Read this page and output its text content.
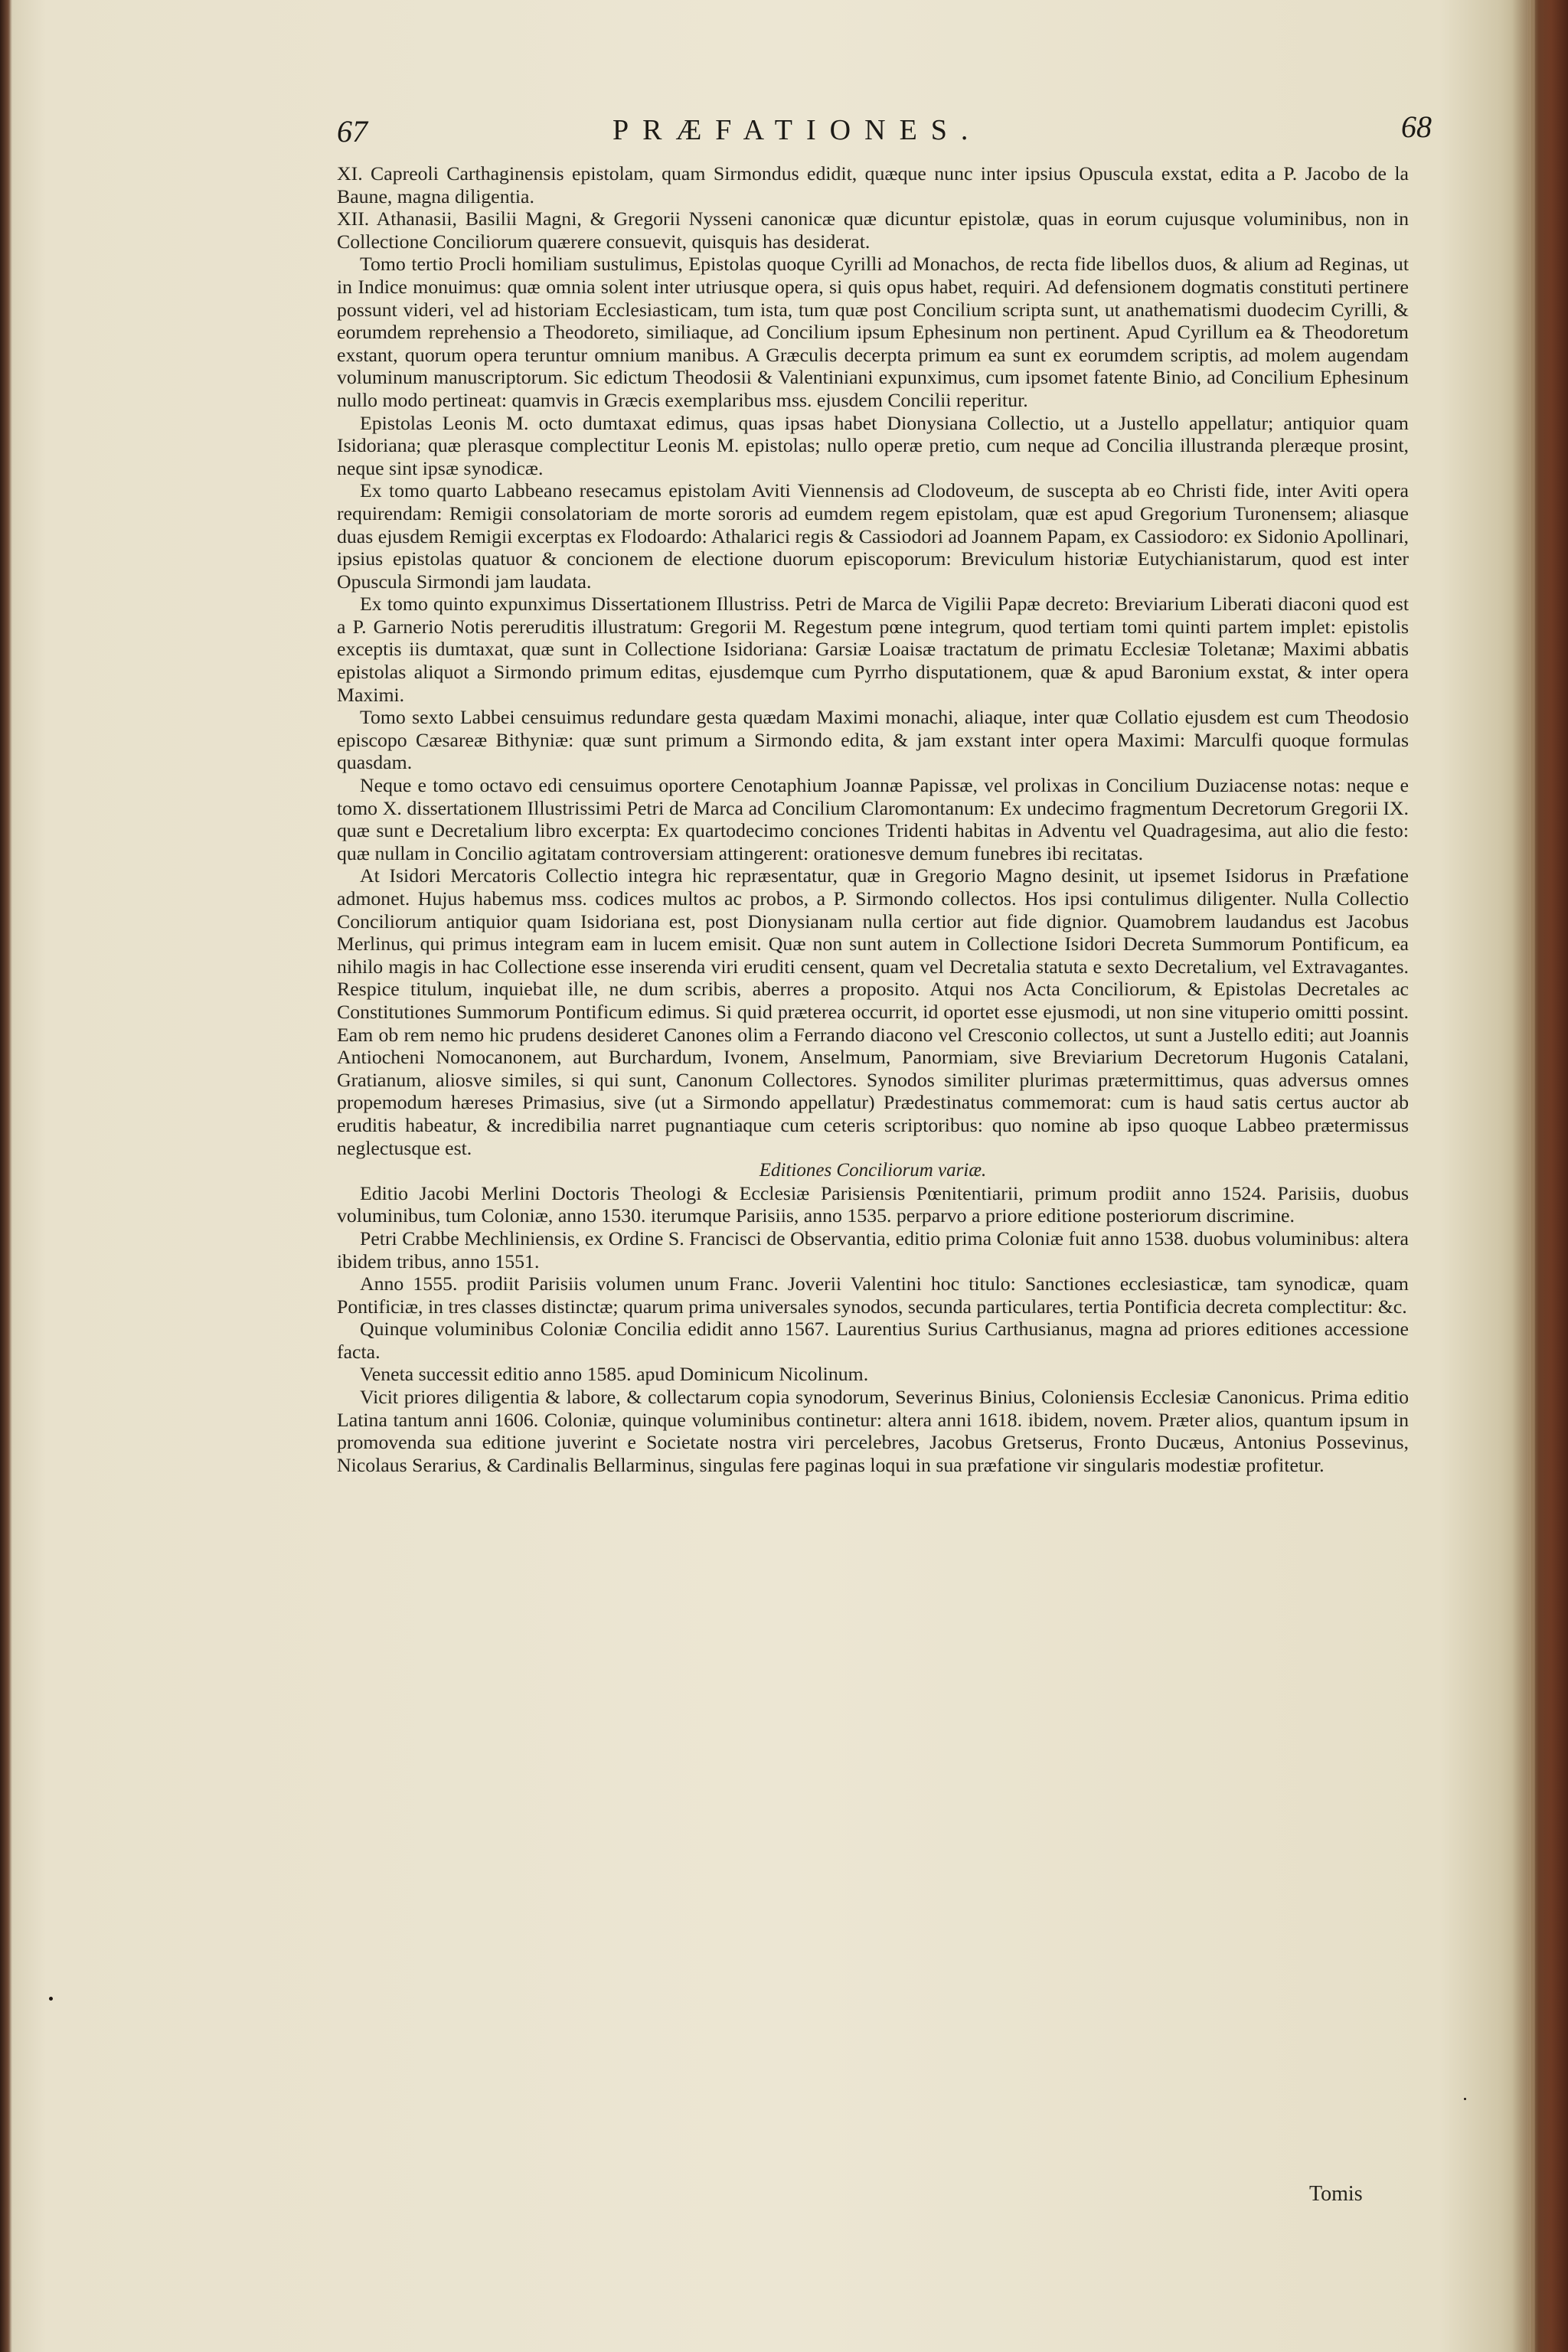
67	PRÆFATIONES.	68

XI. Capreoli Carthaginensis epistolam, quam Sirmondus edidit, quæque nunc inter ipsius Opuscula exstat, edita a P. Jacobo de la Baune, magna diligentia.

XII. Athanasii, Basilii Magni, & Gregorii Nysseni canonicæ quæ dicuntur epistolæ, quas in eorum cujusque voluminibus, non in Collectione Conciliorum quærere consuevit, quisquis has desiderat.

Tomo tertio Procli homiliam sustulimus, Epistolas quoque Cyrilli ad Monachos, de recta fide libellos duos, & alium ad Reginas, ut in Indice monuimus: quæ omnia solent inter utriusque opera, si quis opus habet, requiri. Ad defensionem dogmatis constituti pertinere possunt videri, vel ad historiam Ecclesiasticam, tum ista, tum quæ post Concilium scripta sunt, ut anathematismi duodecim Cyrilli, & eorumdem reprehensio a Theodoreto, similiaque, ad Concilium ipsum Ephesinum non pertinent. Apud Cyrillum ea & Theodoretum exstant, quorum opera teruntur omnium manibus. A Græculis decerpta primum ea sunt ex eorumdem scriptis, ad molem augendam voluminum manuscriptorum. Sic edictum Theodosii & Valentiniani expunximus, cum ipsomet fatente Binio, ad Concilium Ephesinum nullo modo pertineat: quamvis in Græcis exemplaribus mss. ejusdem Concilii reperitur.

Epistolas Leonis M. octo dumtaxat edimus, quas ipsas habet Dionysiana Collectio, ut a Justello appellatur; antiquior quam Isidoriana; quæ plerasque complectitur Leonis M. epistolas; nullo operæ pretio, cum neque ad Concilia illustranda pleræque prosint, neque sint ipsæ synodicæ.

Ex tomo quarto Labbeano resecamus epistolam Aviti Viennensis ad Clodoveum, de suscepta ab eo Christi fide, inter Aviti opera requirendam: Remigii consolatoriam de morte sororis ad eumdem regem epistolam, quæ est apud Gregorium Turonensem; aliasque duas ejusdem Remigii excerptas ex Flodoardo: Athalarici regis & Cassiodori ad Joannem Papam, ex Cassiodoro: ex Sidonio Apollinari, ipsius epistolas quatuor & concionem de electione duorum episcoporum: Breviculum historiæ Eutychianistarum, quod est inter Opuscula Sirmondi jam laudata.

Ex tomo quinto expunximus Dissertationem Illustriss. Petri de Marca de Vigilii Papæ decreto: Breviarium Liberati diaconi quod est a P. Garnerio Notis pereruditis illustratum: Gregorii M. Regestum pœne integrum, quod tertiam tomi quinti partem implet: epistolis exceptis iis dumtaxat, quæ sunt in Collectione Isidoriana: Garsiæ Loaisæ tractatum de primatu Ecclesiæ Toletanæ; Maximi abbatis epistolas aliquot a Sirmondo primum editas, ejusdemque cum Pyrrho disputationem, quæ & apud Baronium exstat, & inter opera Maximi.

Tomo sexto Labbei censuimus redundare gesta quædam Maximi monachi, aliaque, inter quæ Collatio ejusdem est cum Theodosio episcopo Cæsareæ Bithyniæ: quæ sunt primum a Sirmondo edita, & jam exstant inter opera Maximi: Marculfi quoque formulas quasdam.

Neque e tomo octavo edi censuimus oportere Cenotaphium Joannæ Papissæ, vel prolixas in Concilium Duziacense notas: neque e tomo X. dissertationem Illustrissimi Petri de Marca ad Concilium Claromontanum: Ex undecimo fragmentum Decretorum Gregorii IX. quæ sunt e Decretalium libro excerpta: Ex quartodecimo conciones Tridenti habitas in Adventu vel Quadragesima, aut alio die festo: quæ nullam in Concilio agitatam controversiam attingerent: orationesve demum funebres ibi recitatas.

At Isidori Mercatoris Collectio integra hic repræsentatur, quæ in Gregorio Magno desinit, ut ipsemet Isidorus in Præfatione admonet. Hujus habemus mss. codices multos ac probos, a P. Sirmondo collectos. Hos ipsi contulimus diligenter. Nulla Collectio Conciliorum antiquior quam Isidoriana est, post Dionysianam nulla certior aut fide dignior. Quamobrem laudandus est Jacobus Merlinus, qui primus integram eam in lucem emisit. Quæ non sunt autem in Collectione Isidori Decreta Summorum Pontificum, ea nihilo magis in hac Collectione esse inserenda viri eruditi censent, quam vel Decretalia statuta e sexto Decretalium, vel Extravagantes. Respice titulum, inquiebat ille, ne dum scribis, aberres a proposito. Atqui nos Acta Conciliorum, & Epistolas Decretales ac Constitutiones Summorum Pontificum edimus. Si quid præterea occurrit, id oportet esse ejusmodi, ut non sine vituperio omitti possint. Eam ob rem nemo hic prudens desideret Canones olim a Ferrando diacono vel Cresconio collectos, ut sunt a Justello editi; aut Joannis Antiocheni Nomocanonem, aut Burchardum, Ivonem, Anselmum, Panormiam, sive Breviarium Decretorum Hugonis Catalani, Gratianum, aliosve similes, si qui sunt, Canonum Collectores. Synodos similiter plurimas prætermittimus, quas adversus omnes propemodum hæreses Primasius, sive (ut a Sirmondo appellatur) Prædestinatus commemorat: cum is haud satis certus auctor ab eruditis habeatur, & incredibilia narret pugnantiaque cum ceteris scriptoribus: quo nomine ab ipso quoque Labbeo prætermissus neglectusque est.

Editiones Conciliorum variæ.

Editio Jacobi Merlini Doctoris Theologi & Ecclesiæ Parisiensis Pœnitentiarii, primum prodiit anno 1524. Parisiis, duobus voluminibus, tum Coloniæ, anno 1530. iterumque Parisiis, anno 1535. perparvo a priore editione posteriorum discrimine.

Petri Crabbe Mechliniensis, ex Ordine S. Francisci de Observantia, editio prima Coloniæ fuit anno 1538. duobus voluminibus: altera ibidem tribus, anno 1551.

Anno 1555. prodiit Parisiis volumen unum Franc. Joverii Valentini hoc titulo: Sanctiones ecclesiasticæ, tam synodicæ, quam Pontificiæ, in tres classes distinctæ; quarum prima universales synodos, secunda particulares, tertia Pontificia decreta complectitur: &c.

Quinque voluminibus Coloniæ Concilia edidit anno 1567. Laurentius Surius Carthusianus, magna ad priores editiones accessione facta.

Veneta successit editio anno 1585. apud Dominicum Nicolinum.

Vicit priores diligentia & labore, & collectarum copia synodorum, Severinus Binius, Coloniensis Ecclesiæ Canonicus. Prima editio Latina tantum anni 1606. Coloniæ, quinque voluminibus continetur: altera anni 1618. ibidem, novem. Præter alios, quantum ipsum in promovenda sua editione juverint e Societate nostra viri percelebres, Jacobus Gretserus, Fronto Ducæus, Antonius Possevinus, Nicolaus Serarius, & Cardinalis Bellarminus, singulas fere paginas loqui in sua præfatione vir singularis modestiæ profitetur.

Tomis
